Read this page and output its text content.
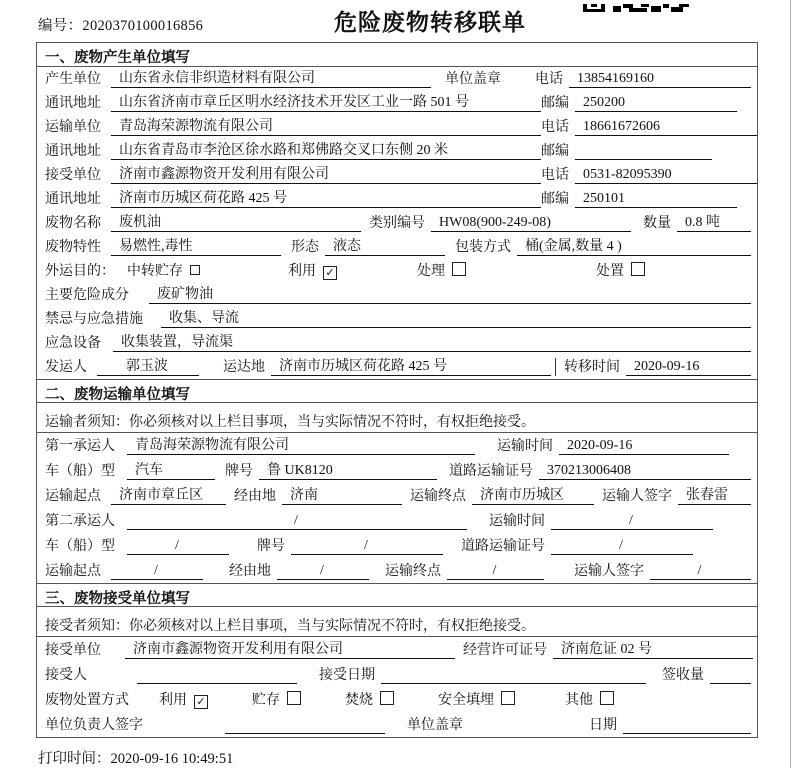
编号：2020370100016856	危险废物转移联单
一、废物产生单位填写
产生单位	山东省永信非织造材料有限公司	单位盖章 电话	13854169160
通讯地址	山东省济南市章丘区明水经济技术开发区工业一路 501 号	邮编	250200
运输单位	青岛海荣源物流有限公司	电话	18661672606
通讯地址	山东省青岛市李沧区徐水路和郑佛路交叉口东侧 20 米	邮编
接受单位	济南市鑫源物资开发利用有限公司	电话	0531-82095390
通讯地址	济南市历城区荷花路 425 号	邮编	250101
废物名称	废机油	类别编号	HW08(900-249-08)	数量	0.8 吨
废物特性	易燃性,毒性	形态	液态	包装方式	桶(金属,数量 4 )
外运目的： 中转贮存	利用 ✓	处理	处置
主要危险成分	废矿物油
禁忌与应急措施	收集、导流
应急设备	收集装置，导流渠
发运人	郭玉波	运达地	济南市历城区荷花路 425 号	转移时间	2020-09-16
二、废物运输单位填写
运输者须知：你必须核对以上栏目事项，当与实际情况不符时，有权拒绝接受。
第一承运人	青岛海荣源物流有限公司	运输时间	2020-09-16
车（船）型	汽车	牌号	鲁 UK8120	道路运输证号	370213006408
运输起点	济南市章丘区	经由地	济南	运输终点	济南市历城区	运输人签字	张春雷
第二承运人	/	运输时间	/
车（船）型	/	牌号	/	道路运输证号	/
运输起点	/	经由地	/	运输终点	/	运输人签字	/
三、废物接受单位填写
接受者须知：你必须核对以上栏目事项，当与实际情况不符时，有权拒绝接受。
接受单位	济南市鑫源物资开发利用有限公司	经营许可证号	济南危证 02 号
接受人	接受日期	签收量
废物处置方式	利用 ✓	贮存	焚烧	安全填埋	其他
单位负责人签字	单位盖章	日期
打印时间：2020-09-16 10:49:51
